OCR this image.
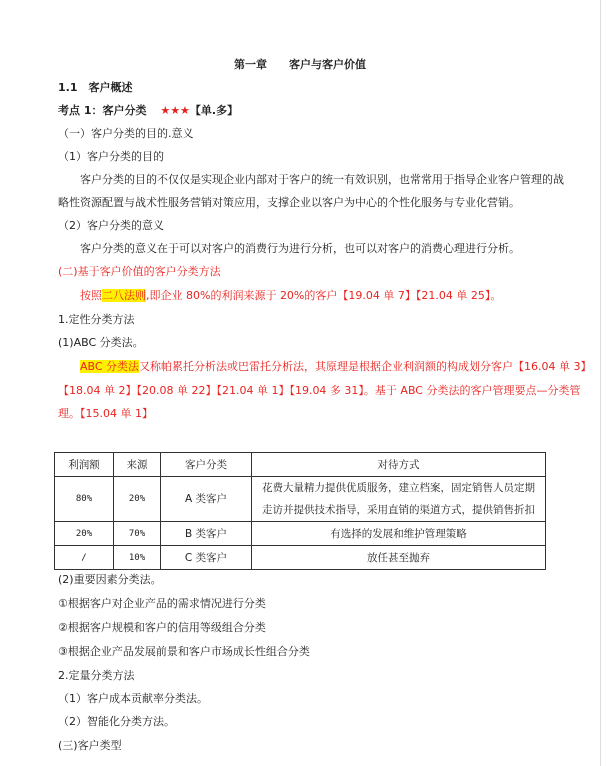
第一章　　客户与客户价值
1.1　客户概述
考点 1：客户分类 ★★★【单.多】
（一）客户分类的目的.意义
（1）客户分类的目的
客户分类的目的不仅仅是实现企业内部对于客户的统一有效识别，也常常用于指导企业客户管理的战
略性资源配置与战术性服务营销对策应用，支撑企业以客户为中心的个性化服务与专业化营销。
（2）客户分类的意义
客户分类的意义在于可以对客户的消费行为进行分析，也可以对客户的消费心理进行分析。
(二)基于客户价值的客户分类方法
按照二八法则,即企业 80%的利润来源于 20%的客户【19.04 单 7】【21.04 单 25】。
1.定性分类方法
(1)ABC 分类法。
ABC 分类法又称帕累托分析法或巴雷托分析法，其原理是根据企业利润额的构成划分客户【16.04 单 3】
【18.04 单 2】【20.08 单 22】【21.04 单 1】【19.04 多 31】。基于 ABC 分类法的客户管理要点—分类管
理。【15.04 单 1】
利润额	来源	客户分类	对待方式
80%	20%	A 类客户	花费大量精力提供优质服务，建立档案，固定销售人员定期走访并提供技术指导，采用直销的渠道方式，提供销售折扣
20%	70%	B 类客户	有选择的发展和维护管理策略
/	10%	C 类客户	放任甚至抛弃
(2)重要因素分类法。
①根据客户对企业产品的需求情况进行分类
②根据客户规模和客户的信用等级组合分类
③根据企业产品发展前景和客户市场成长性组合分类
2.定量分类方法
（1）客户成本贡献率分类法。
（2）智能化分类方法。
(三)客户类型
